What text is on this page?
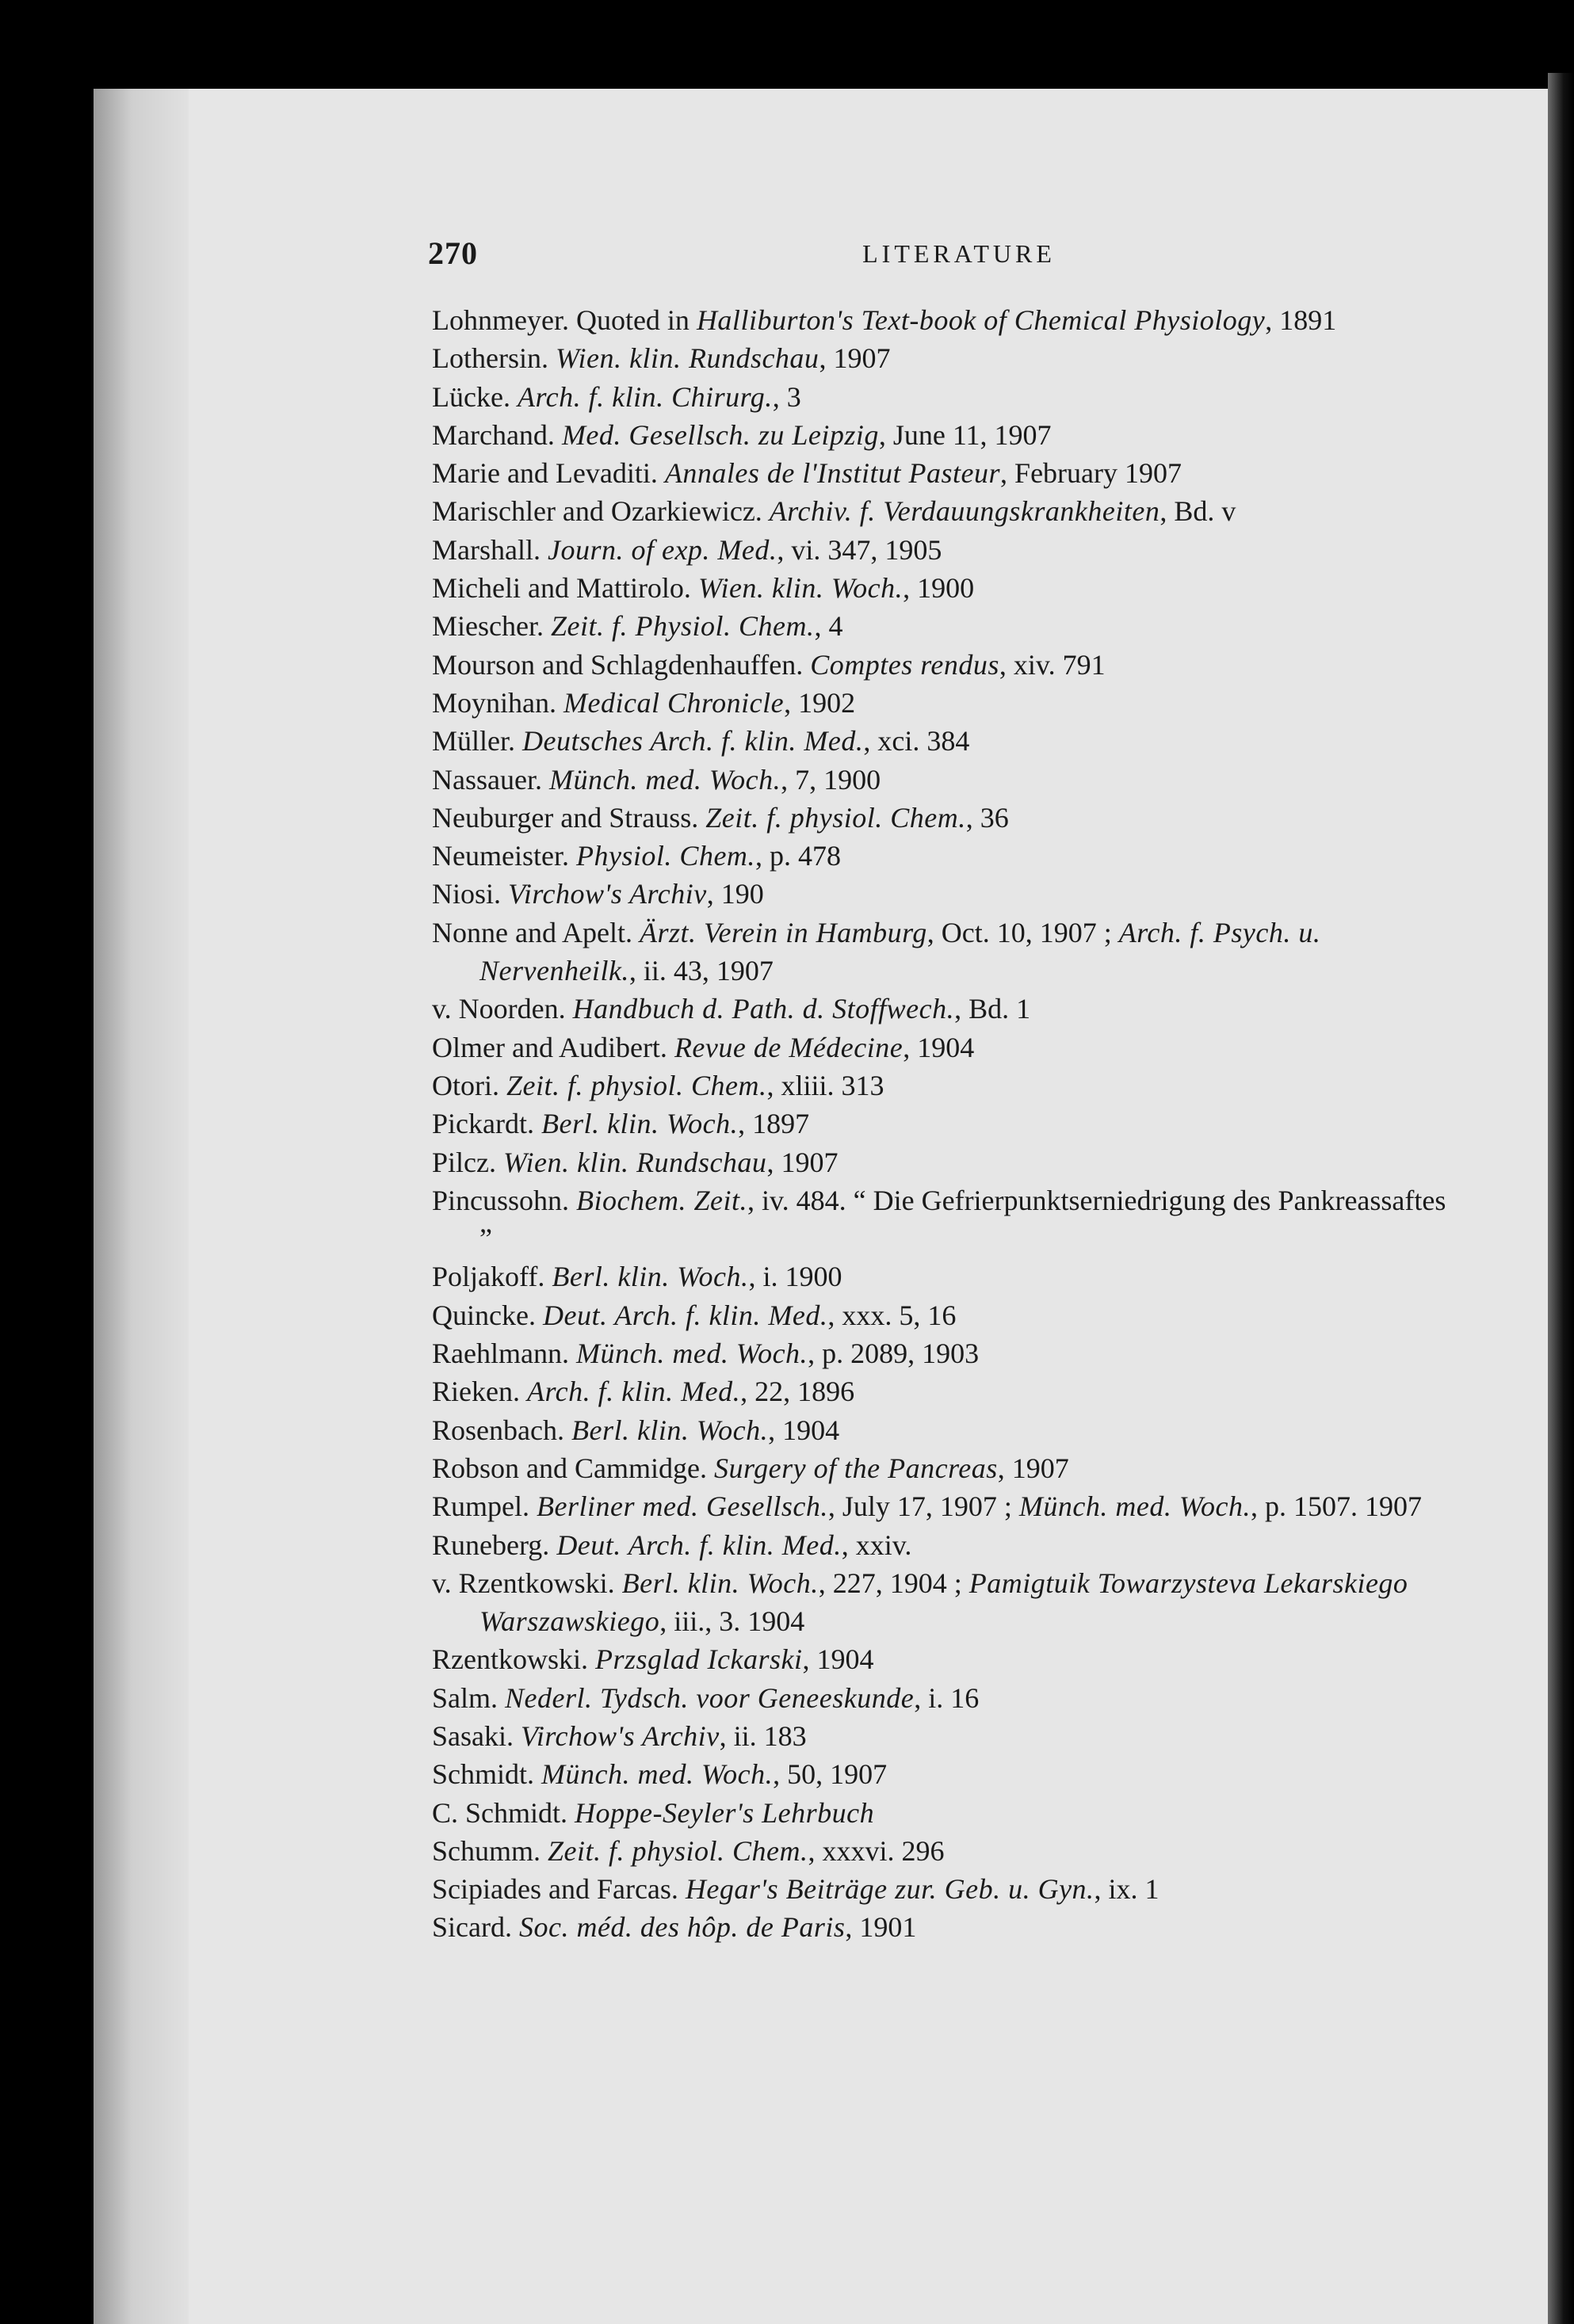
270	LITERATURE
Lohnmeyer. Quoted in Halliburton's Text-book of Chemical Physiology, 1891
Lothersin. Wien. klin. Rundschau, 1907
Lücke. Arch. f. klin. Chirurg., 3
Marchand. Med. Gesellsch. zu Leipzig, June 11, 1907
Marie and Levaditi. Annales de l'Institut Pasteur, February 1907
Marischler and Ozarkiewicz. Archiv. f. Verdauungskrankheiten, Bd. v
Marshall. Journ. of exp. Med., vi. 347, 1905
Micheli and Mattirolo. Wien. klin. Woch., 1900
Miescher. Zeit. f. Physiol. Chem., 4
Mourson and Schlagdenhauffen. Comptes rendus, xiv. 791
Moynihan. Medical Chronicle, 1902
Müller. Deutsches Arch. f. klin. Med., xci. 384
Nassauer. Münch. med. Woch., 7, 1900
Neuburger and Strauss. Zeit. f. physiol. Chem., 36
Neumeister. Physiol. Chem., p. 478
Niosi. Virchow's Archiv, 190
Nonne and Apelt. Ärzt. Verein in Hamburg, Oct. 10, 1907 ; Arch. f. Psych. u. Nervenheilk., ii. 43, 1907
v. Noorden. Handbuch d. Path. d. Stoffwech., Bd. 1
Olmer and Audibert. Revue de Médecine, 1904
Otori. Zeit. f. physiol. Chem., xliii. 313
Pickardt. Berl. klin. Woch., 1897
Pilcz. Wien. klin. Rundschau, 1907
Pincussohn. Biochem. Zeit., iv. 484. “ Die Gefrierpunktserniedrigung des Pankreassaftes ”
Poljakoff. Berl. klin. Woch., i. 1900
Quincke. Deut. Arch. f. klin. Med., xxx. 5, 16
Raehlmann. Münch. med. Woch., p. 2089, 1903
Rieken. Arch. f. klin. Med., 22, 1896
Rosenbach. Berl. klin. Woch., 1904
Robson and Cammidge. Surgery of the Pancreas, 1907
Rumpel. Berliner med. Gesellsch., July 17, 1907 ; Münch. med. Woch., p. 1507. 1907
Runeberg. Deut. Arch. f. klin. Med., xxiv.
v. Rzentkowski. Berl. klin. Woch., 227, 1904 ; Pamigtuik Towarzysteva Lekarskiego Warszawskiego, iii., 3. 1904
Rzentkowski. Przsglad Ickarski, 1904
Salm. Nederl. Tydsch. voor Geneeskunde, i. 16
Sasaki. Virchow's Archiv, ii. 183
Schmidt. Münch. med. Woch., 50, 1907
C. Schmidt. Hoppe-Seyler's Lehrbuch
Schumm. Zeit. f. physiol. Chem., xxxvi. 296
Scipiades and Farcas. Hegar's Beiträge zur. Geb. u. Gyn., ix. 1
Sicard. Soc. méd. des hôp. de Paris, 1901
